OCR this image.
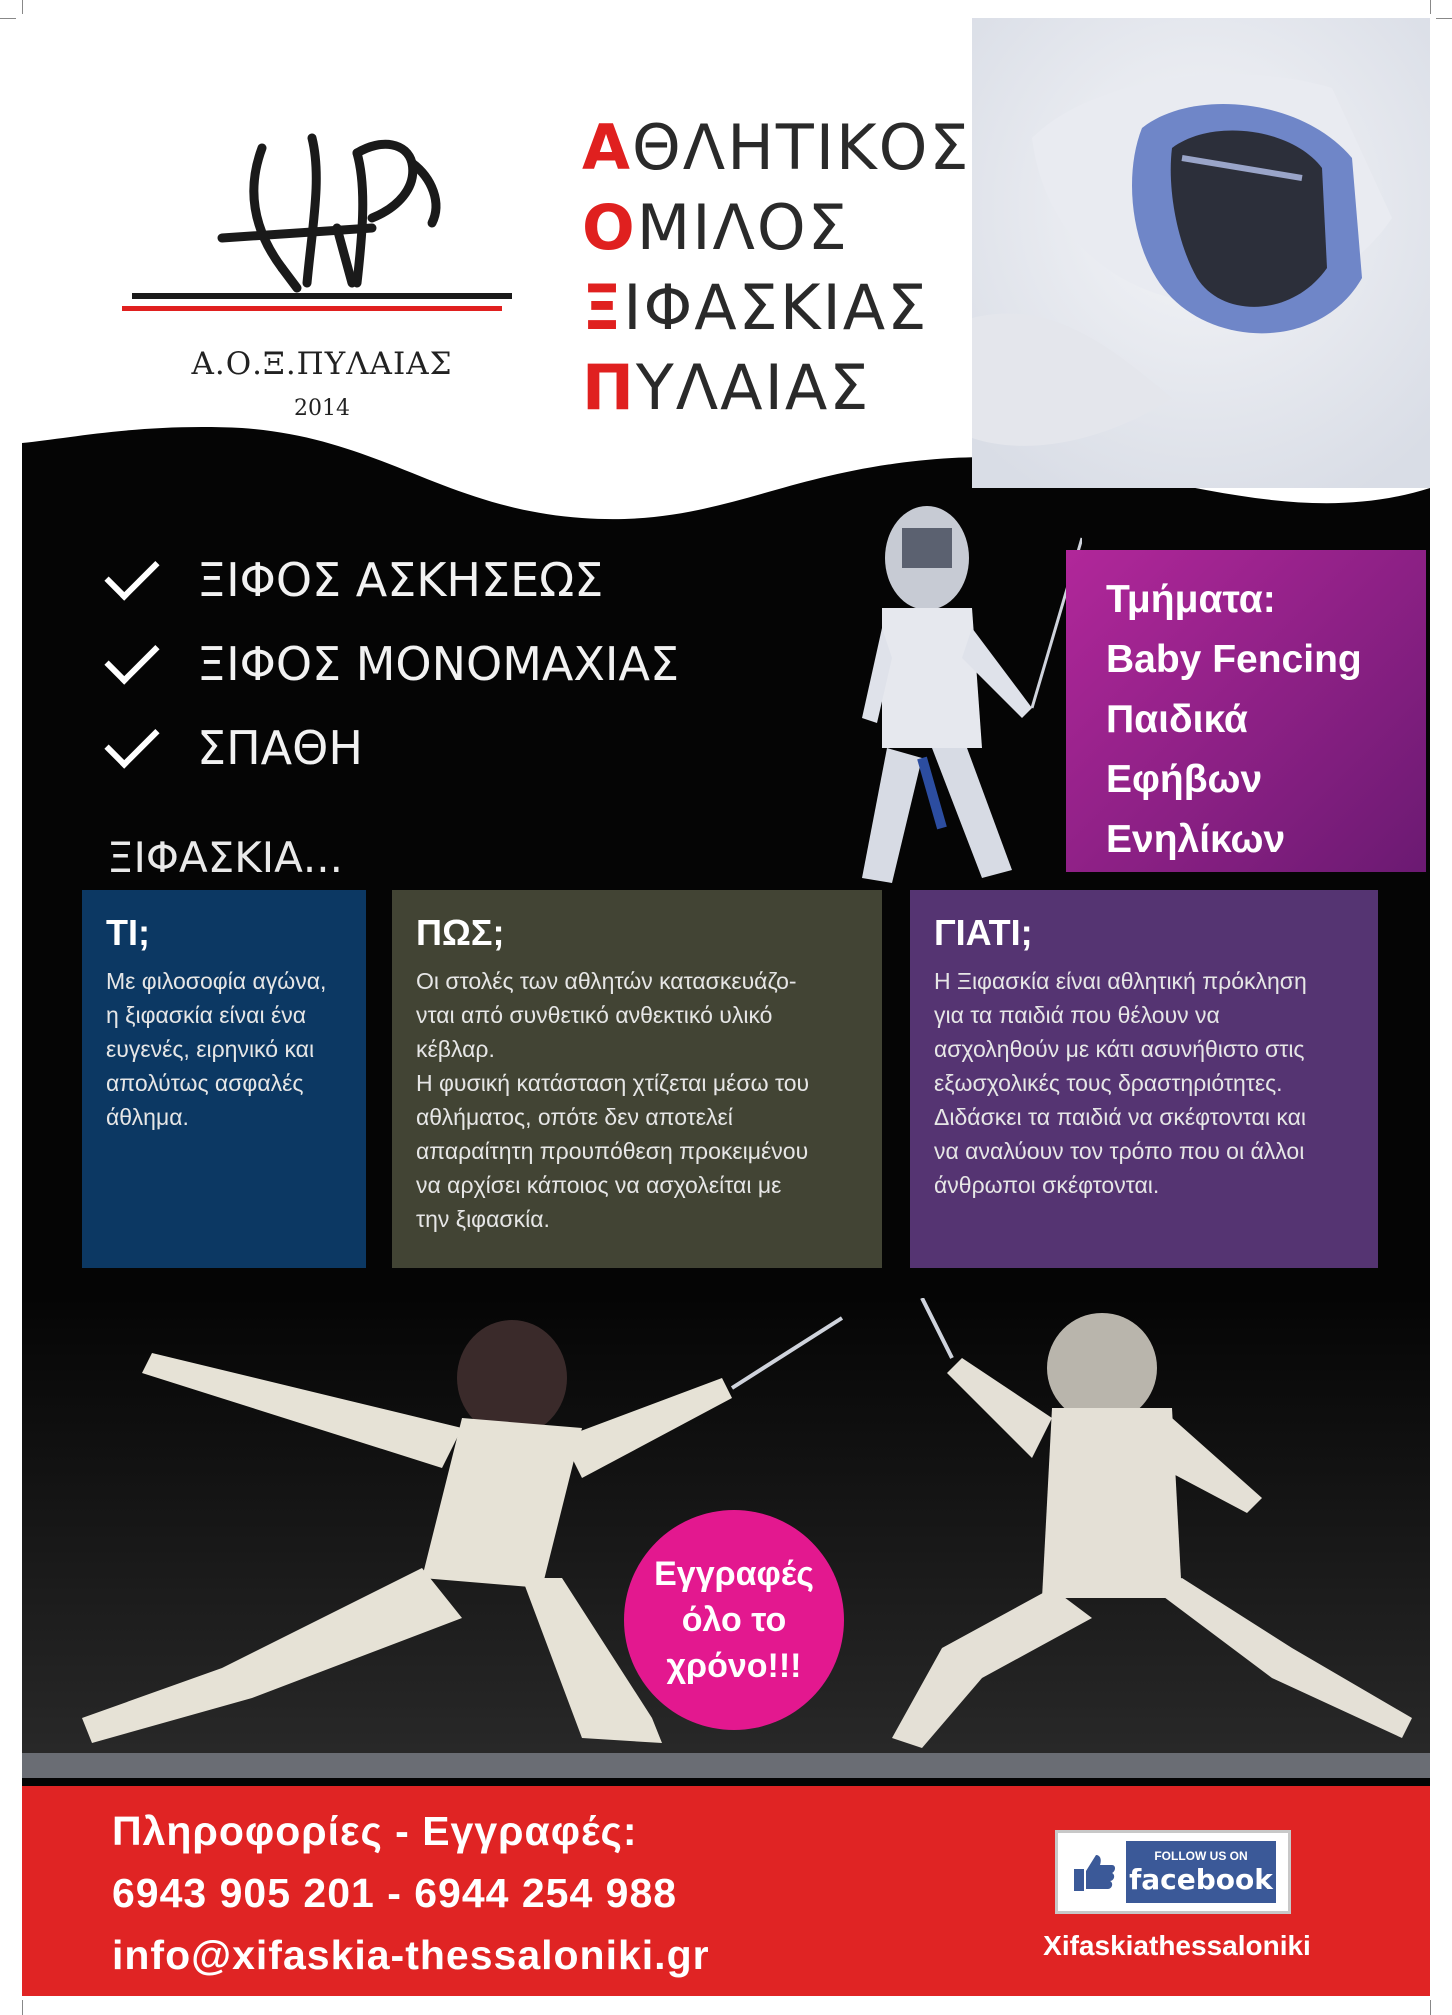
Α.Ο.Ξ.ΠΥΛΑΙΑΣ
2014
ΑΘΛΗΤΙΚΟΣ
ΟΜΙΛΟΣ
ΞΙΦΑΣΚΙΑΣ
ΠΥΛΑΙΑΣ
ΞΙΦΟΣ ΑΣΚΗΣΕΩΣ
ΞΙΦΟΣ ΜΟΝΟΜΑΧΙΑΣ
ΣΠΑΘΗ
ΞΙΦΑΣΚΙΑ...
Τμήματα:
Baby Fencing
Παιδικά
Εφήβων
Ενηλίκων
ΤΙ;
Με φιλοσοφία αγώνα,
η ξιφασκία είναι ένα
ευγενές, ειρηνικό και
απολύτως ασφαλές
άθλημα.
ΠΩΣ;
Οι στολές των αθλητών κατασκευάζο-
νται από συνθετικό ανθεκτικό υλικό
κέβλαρ.
Η φυσική κατάσταση χτίζεται μέσω του
αθλήματος, οπότε δεν αποτελεί
απαραίτητη προυπόθεση προκειμένου
να αρχίσει κάποιος να ασχολείται με
την ξιφασκία.
ΓΙΑΤΙ;
Η Ξιφασκία είναι αθλητική πρόκληση
για τα παιδιά που θέλουν να
ασχοληθούν με κάτι ασυνήθιστο στις
εξωσχολικές τους δραστηριότητες.
Διδάσκει τα παιδιά να σκέφτονται και
να αναλύουν τον τρόπο που οι άλλοι
άνθρωποι σκέφτονται.
Εγγραφές
όλο το
χρόνο!!!
Πληροφορίες - Εγγραφές:
6943 905 201 - 6944 254 988
info@xifaskia-thessaloniki.gr
FOLLOW US ON
facebook
Xifaskiathessaloniki
